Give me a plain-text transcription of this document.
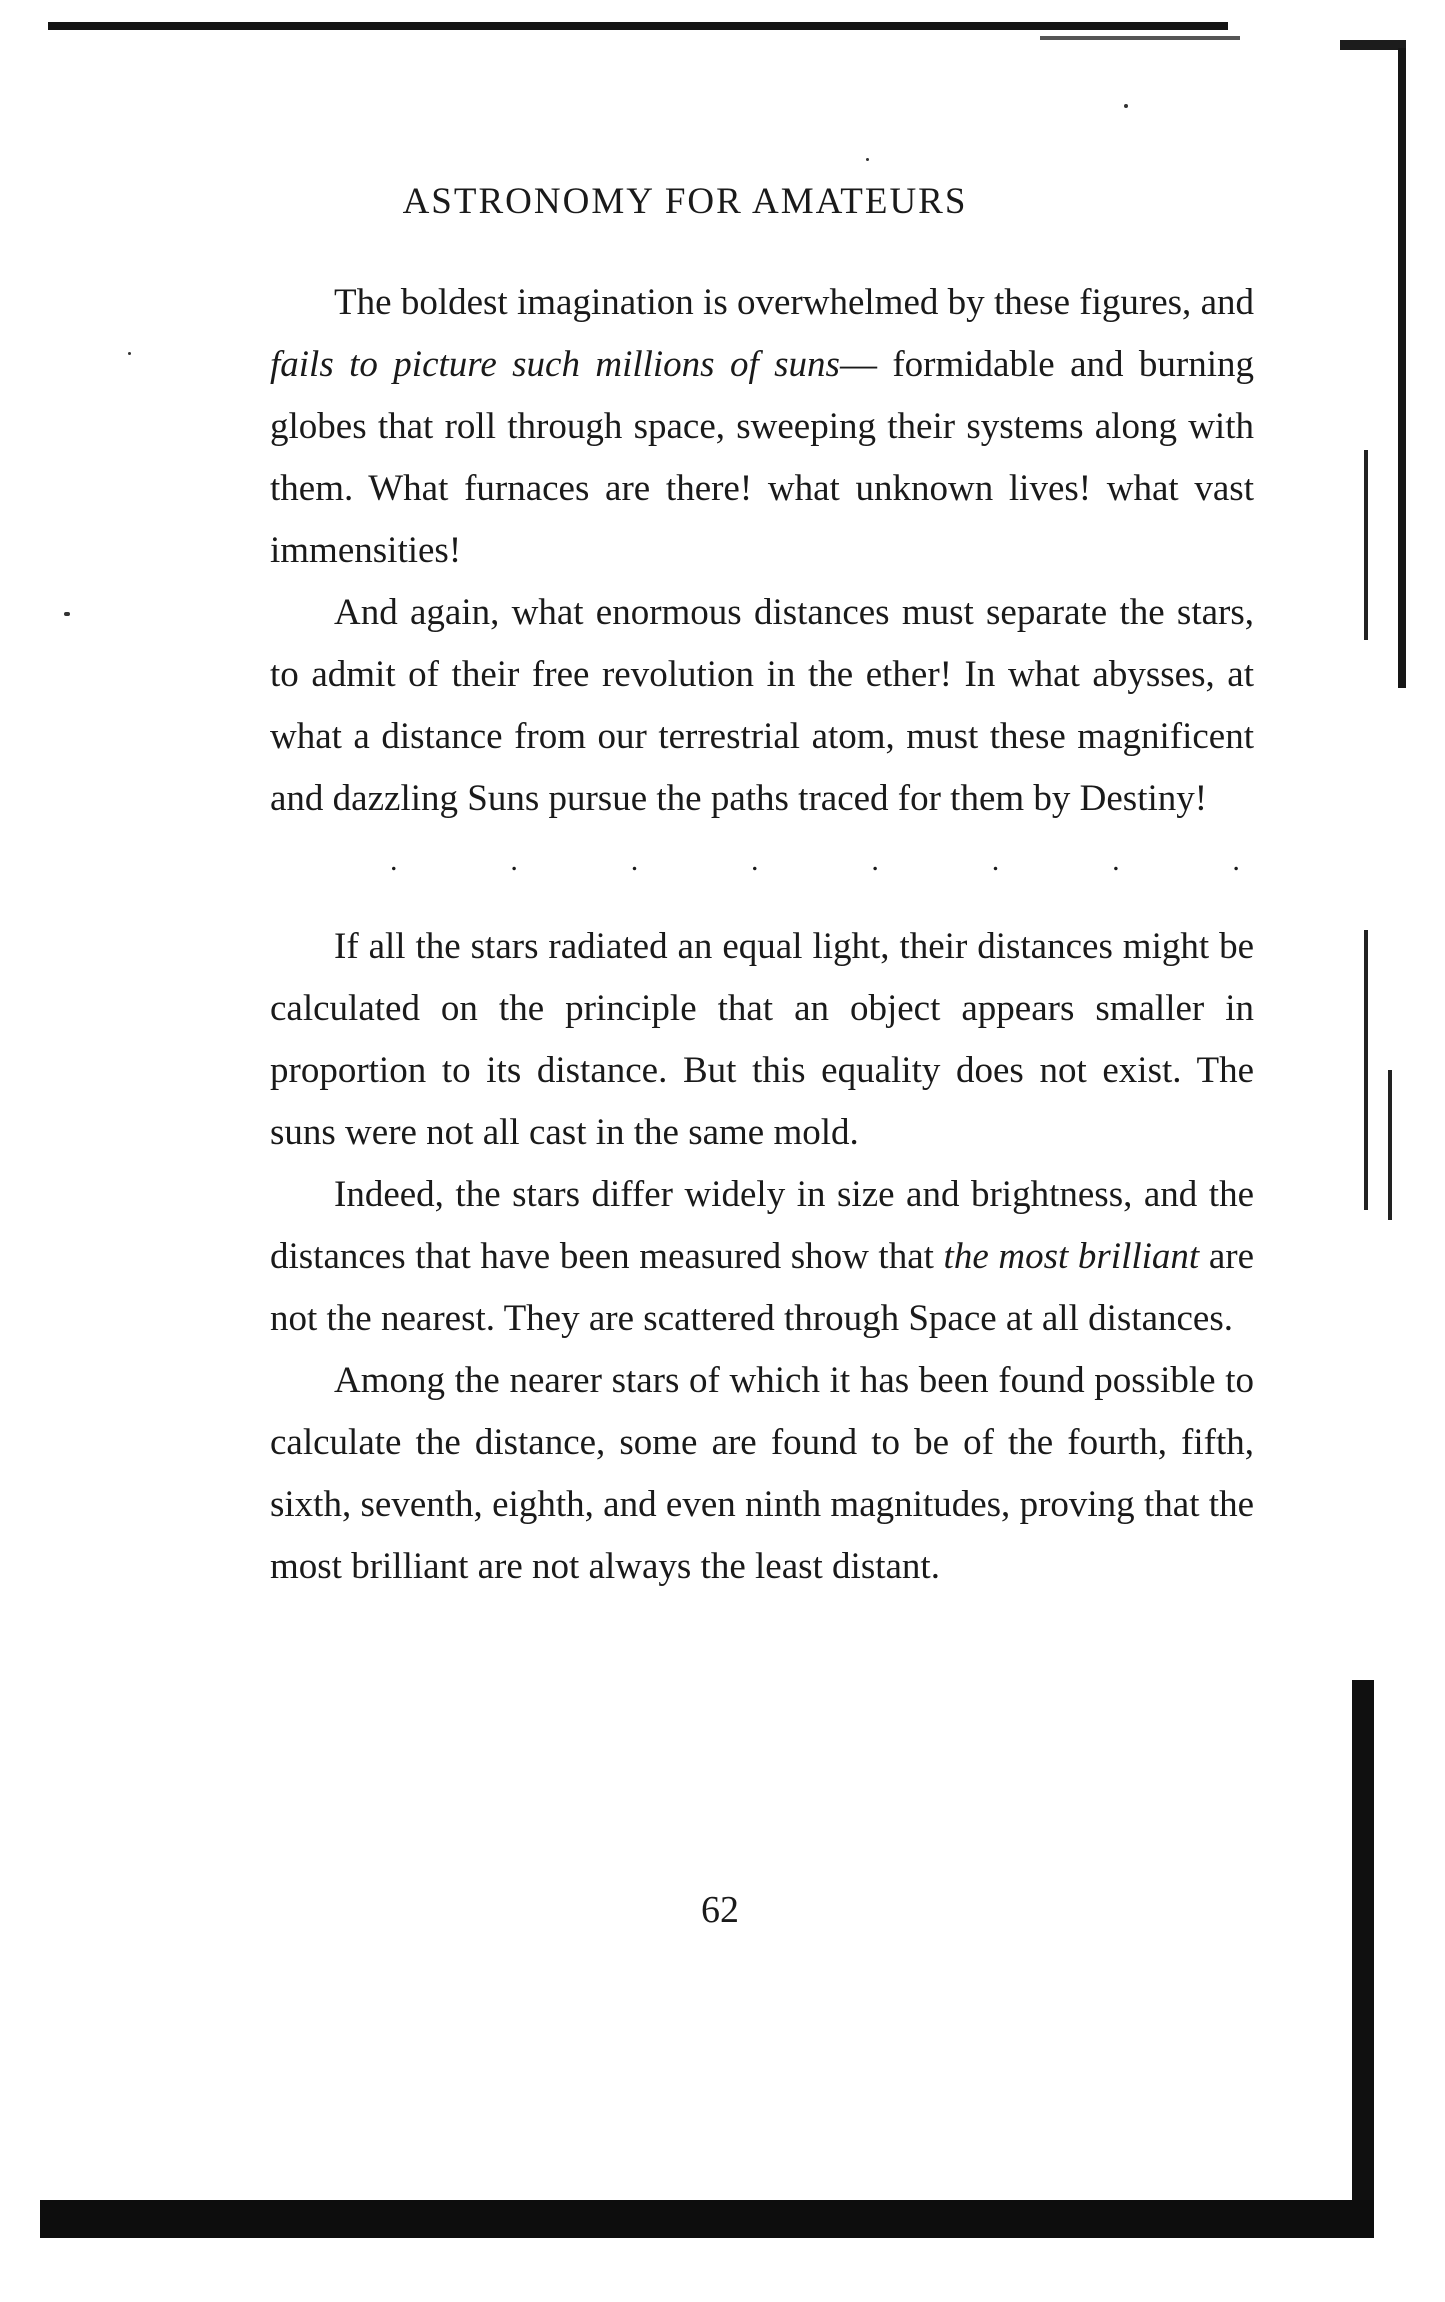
ASTRONOMY FOR AMATEURS

The boldest imagination is overwhelmed by these figures, and fails to picture such millions of suns— formidable and burning globes that roll through space, sweeping their systems along with them. What furnaces are there! what unknown lives! what vast immensities!

And again, what enormous distances must separate the stars, to admit of their free revolution in the ether! In what abysses, at what a distance from our terrestrial atom, must these magnificent and dazzling Suns pursue the paths traced for them by Destiny!

.	.	.	.	.	.	.	.

If all the stars radiated an equal light, their distances might be calculated on the principle that an object appears smaller in proportion to its distance. But this equality does not exist. The suns were not all cast in the same mold.

Indeed, the stars differ widely in size and brightness, and the distances that have been measured show that the most brilliant are not the nearest. They are scattered through Space at all distances.

Among the nearer stars of which it has been found possible to calculate the distance, some are found to be of the fourth, fifth, sixth, seventh, eighth, and even ninth magnitudes, proving that the most brilliant are not always the least distant.

62
